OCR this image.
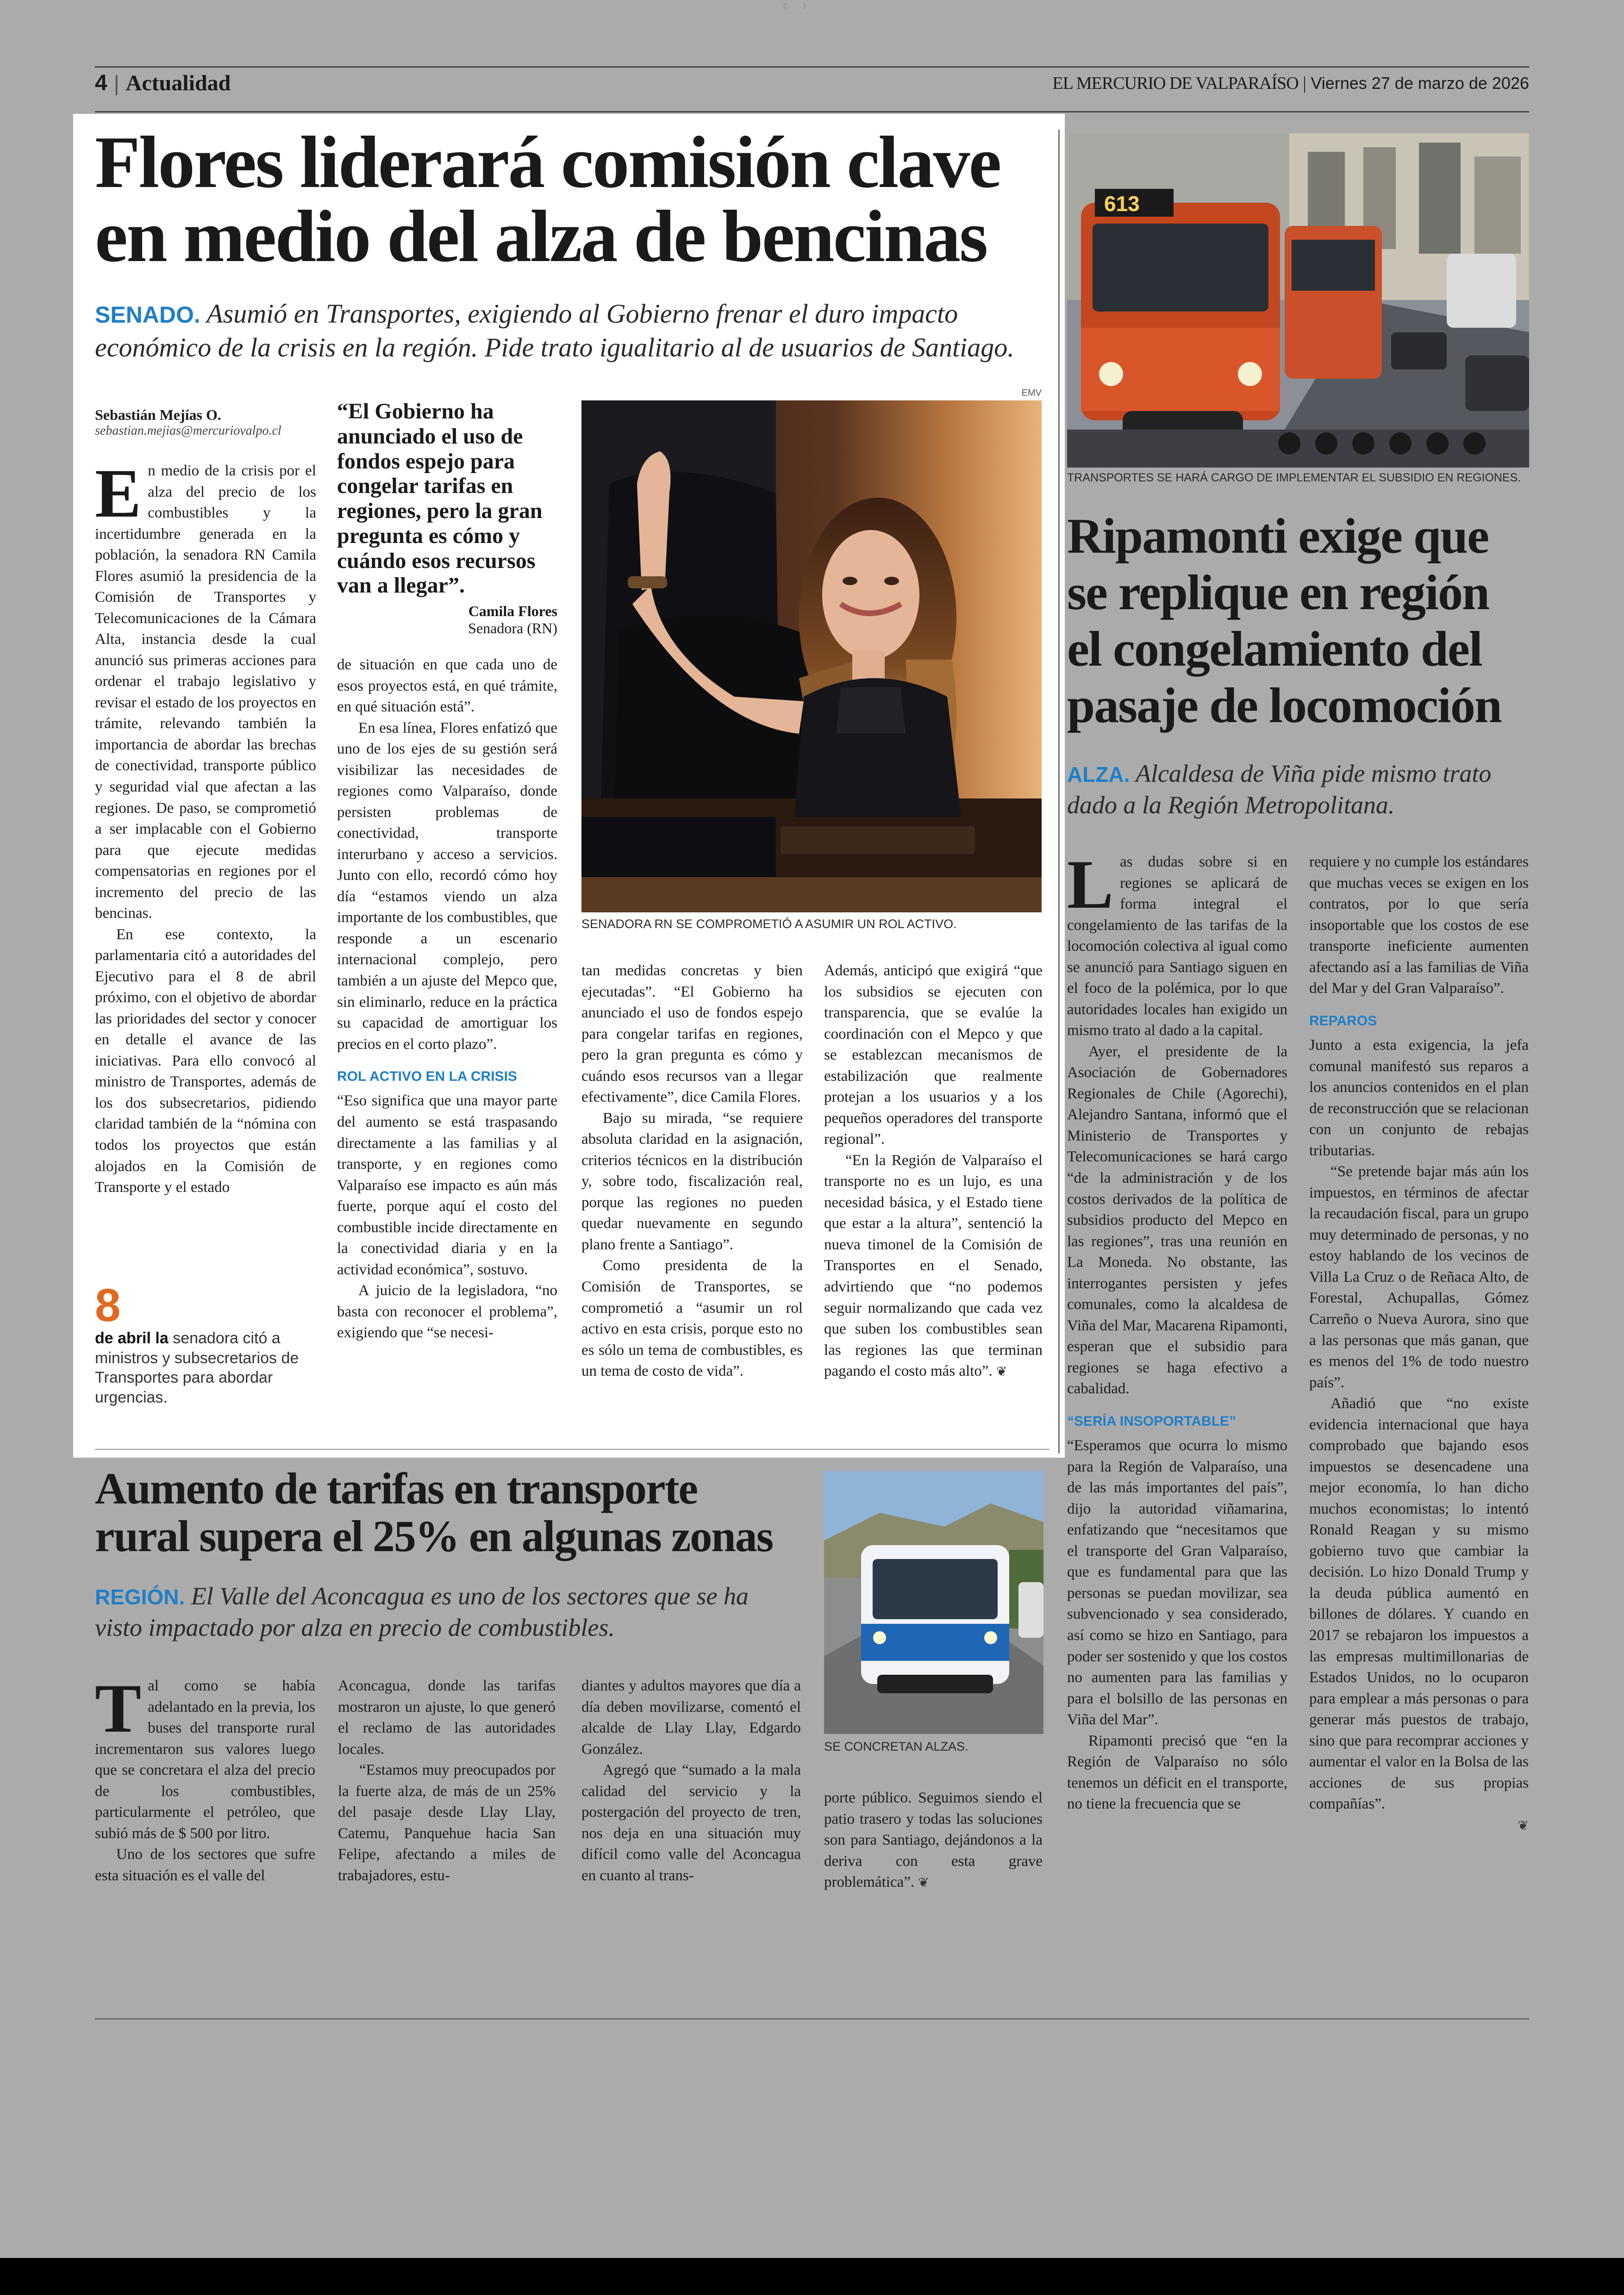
‹ ›
4 | Actualidad	EL MERCURIO DE VALPARAÍSO | Viernes 27 de marzo de 2026
Flores liderará comisión clave
en medio del alza de bencinas
SENADO. Asumió en Transportes, exigiendo al Gobierno frenar el duro impacto económico de la crisis en la región. Pide trato igualitario al de usuarios de Santiago.
Sebastián Mejías O.
sebastian.mejias@mercuriovalpo.cl

En medio de la crisis por el alza del precio de los combustibles y la incertidumbre generada en la población, la senadora RN Camila Flores asumió la presidencia de la Comisión de Transportes y Telecomunicaciones de la Cámara Alta, instancia desde la cual anunció sus primeras acciones para ordenar el trabajo legislativo y revisar el estado de los proyectos en trámite, relevando también la importancia de abordar las brechas de conectividad, transporte público y seguridad vial que afectan a las regiones. De paso, se comprometió a ser implacable con el Gobierno para que ejecute medidas compensatorias en regiones por el incremento del precio de las bencinas.

En ese contexto, la parlamentaria citó a autoridades del Ejecutivo para el 8 de abril próximo, con el objetivo de abordar las prioridades del sector y conocer en detalle el avance de las iniciativas. Para ello convocó al ministro de Transportes, además de los dos subsecretarios, pidiendo claridad también de la “nómina con todos los proyectos que están alojados en la Comisión de Transporte y el estado

8
de abril la senadora citó a ministros y subsecretarios de Transportes para abordar urgencias.
“El Gobierno ha anunciado el uso de fondos espejo para congelar tarifas en regiones, pero la gran pregunta es cómo y cuándo esos recursos van a llegar”.
Camila Flores
Senadora (RN)

de situación en que cada uno de esos proyectos está, en qué trámite, en qué situación está”.

En esa línea, Flores enfatizó que uno de los ejes de su gestión será visibilizar las necesidades de regiones como Valparaíso, donde persisten problemas de conectividad, transporte interurbano y acceso a servicios. Junto con ello, recordó cómo hoy día “estamos viendo un alza importante de los combustibles, que responde a un escenario internacional complejo, pero también a un ajuste del Mepco que, sin eliminarlo, reduce en la práctica su capacidad de amortiguar los precios en el corto plazo”.

ROL ACTIVO EN LA CRISIS

“Eso significa que una mayor parte del aumento se está traspasando directamente a las familias y al transporte, y en regiones como Valparaíso ese impacto es aún más fuerte, porque aquí el costo del combustible incide directamente en la conectividad diaria y en la actividad económica”, sostuvo.

A juicio de la legisladora, “no basta con reconocer el problema”, exigiendo que “se necesi-

EMV
SENADORA RN SE COMPROMETIÓ A ASUMIR UN ROL ACTIVO.

tan medidas concretas y bien ejecutadas”. “El Gobierno ha anunciado el uso de fondos espejo para congelar tarifas en regiones, pero la gran pregunta es cómo y cuándo esos recursos van a llegar efectivamente”, dice Camila Flores.

Bajo su mirada, “se requiere absoluta claridad en la asignación, criterios técnicos en la distribución y, sobre todo, fiscalización real, porque las regiones no pueden quedar nuevamente en segundo plano frente a Santiago”.

Como presidenta de la Comisión de Transportes, se comprometió a “asumir un rol activo en esta crisis, porque esto no es sólo un tema de combustibles, es un tema de costo de vida”.

Además, anticipó que exigirá “que los subsidios se ejecuten con transparencia, que se evalúe la coordinación con el Mepco y que se establezcan mecanismos de estabilización que realmente protejan a los usuarios y a los pequeños operadores del transporte regional”.

“En la Región de Valparaíso el transporte no es un lujo, es una necesidad básica, y el Estado tiene que estar a la altura”, sentenció la nueva timonel de la Comisión de Transportes en el Senado, advirtiendo que “no podemos seguir normalizando que cada vez que suben los combustibles sean las regiones las que terminan pagando el costo más alto”. ❦

613
TRANSPORTES SE HARÁ CARGO DE IMPLEMENTAR EL SUBSIDIO EN REGIONES.
Ripamonti exige que
se replique en región
el congelamiento del
pasaje de locomoción
ALZA. Alcaldesa de Viña pide mismo trato dado a la Región Metropolitana.

Las dudas sobre si en regiones se aplicará de forma integral el congelamiento de las tarifas de la locomoción colectiva al igual como se anunció para Santiago siguen en el foco de la polémica, por lo que autoridades locales han exigido un mismo trato al dado a la capital.

Ayer, el presidente de la Asociación de Gobernadores Regionales de Chile (Agorechi), Alejandro Santana, informó que el Ministerio de Transportes y Telecomunicaciones se hará cargo “de la administración y de los costos derivados de la política de subsidios producto del Mepco en las regiones”, tras una reunión en La Moneda. No obstante, las interrogantes persisten y jefes comunales, como la alcaldesa de Viña del Mar, Macarena Ripamonti, esperan que el subsidio para regiones se haga efectivo a cabalidad.

“SERÍA INSOPORTABLE”

“Esperamos que ocurra lo mismo para la Región de Valparaíso, una de las más importantes del país”, dijo la autoridad viñamarina, enfatizando que “necesitamos que el transporte del Gran Valparaíso, que es fundamental para que las personas se puedan movilizar, sea subvencionado y sea considerado, así como se hizo en Santiago, para poder ser sostenido y que los costos no aumenten para las familias y para el bolsillo de las personas en Viña del Mar”.

Ripamonti precisó que “en la Región de Valparaíso no sólo tenemos un déficit en el transporte, no tiene la frecuencia que se

requiere y no cumple los estándares que muchas veces se exigen en los contratos, por lo que sería insoportable que los costos de ese transporte ineficiente aumenten afectando así a las familias de Viña del Mar y del Gran Valparaíso”.

REPAROS

Junto a esta exigencia, la jefa comunal manifestó sus reparos a los anuncios contenidos en el plan de reconstrucción que se relacionan con un conjunto de rebajas tributarias.

“Se pretende bajar más aún los impuestos, en términos de afectar la recaudación fiscal, para un grupo muy determinado de personas, y no estoy hablando de los vecinos de Villa La Cruz o de Reñaca Alto, de Forestal, Achupallas, Gómez Carreño o Nueva Aurora, sino que a las personas que más ganan, que es menos del 1% de todo nuestro país”.

Añadió que “no existe evidencia internacional que haya comprobado que bajando esos impuestos se desencadene una mejor economía, lo han dicho muchos economistas; lo intentó Ronald Reagan y su mismo gobierno tuvo que cambiar la decisión. Lo hizo Donald Trump y la deuda pública aumentó en billones de dólares. Y cuando en 2017 se rebajaron los impuestos a las empresas multimillonarias de Estados Unidos, no lo ocuparon para emplear a más personas o para generar más puestos de trabajo, sino que para recomprar acciones y aumentar el valor en la Bolsa de las acciones de sus propias compañías”.

❦

Aumento de tarifas en transporte
rural supera el 25% en algunas zonas
REGIÓN. El Valle del Aconcagua es uno de los sectores que se ha visto impactado por alza en precio de combustibles.

Tal como se había adelantado en la previa, los buses del transporte rural incrementaron sus valores luego que se concretara el alza del precio de los combustibles, particularmente el petróleo, que subió más de $ 500 por litro.

Uno de los sectores que sufre esta situación es el valle del

Aconcagua, donde las tarifas mostraron un ajuste, lo que generó el reclamo de las autoridades locales.

“Estamos muy preocupados por la fuerte alza, de más de un 25% del pasaje desde Llay Llay, Catemu, Panquehue hacia San Felipe, afectando a miles de trabajadores, estu-

diantes y adultos mayores que día a día deben movilizarse, comentó el alcalde de Llay Llay, Edgardo González.

Agregó que “sumado a la mala calidad del servicio y la postergación del proyecto de tren, nos deja en una situación muy difícil como valle del Aconcagua en cuanto al trans-

SE CONCRETAN ALZAS.

porte público. Seguimos siendo el patio trasero y todas las soluciones son para Santiago, dejándonos a la deriva con esta grave problemática”. ❦
